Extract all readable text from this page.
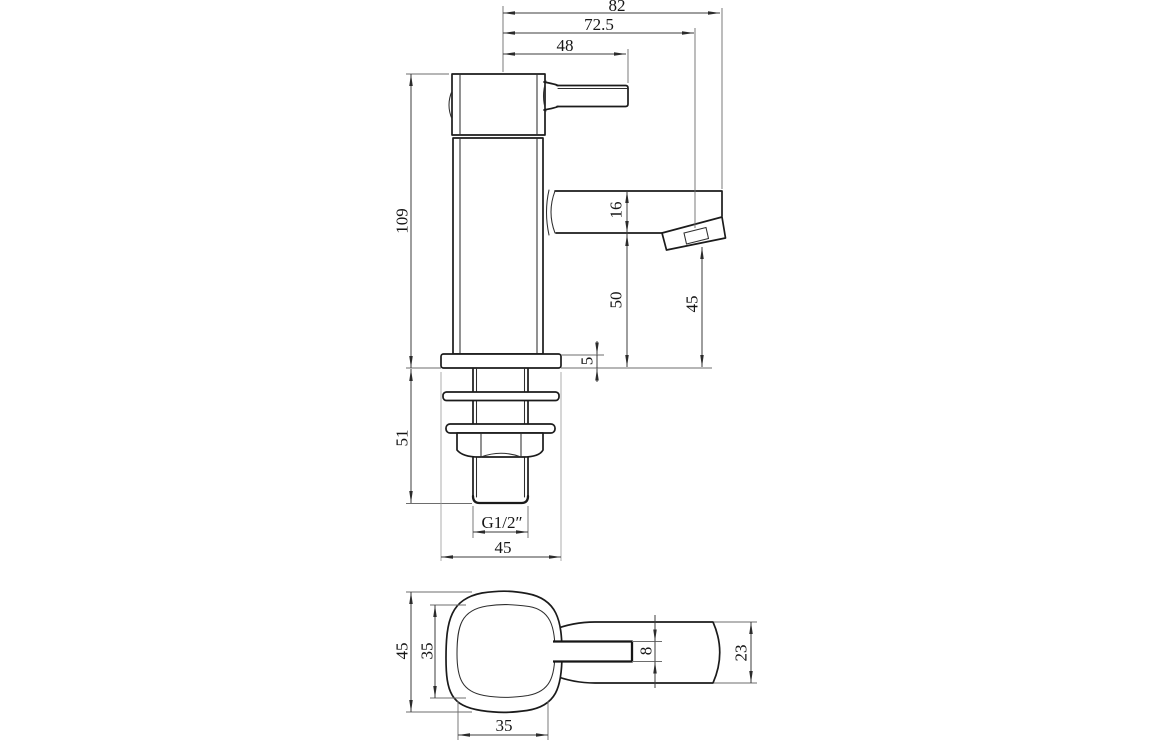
82
72.5
48
109	16
50	45
5
51
G1/2″
45
45 35
35
8	23
